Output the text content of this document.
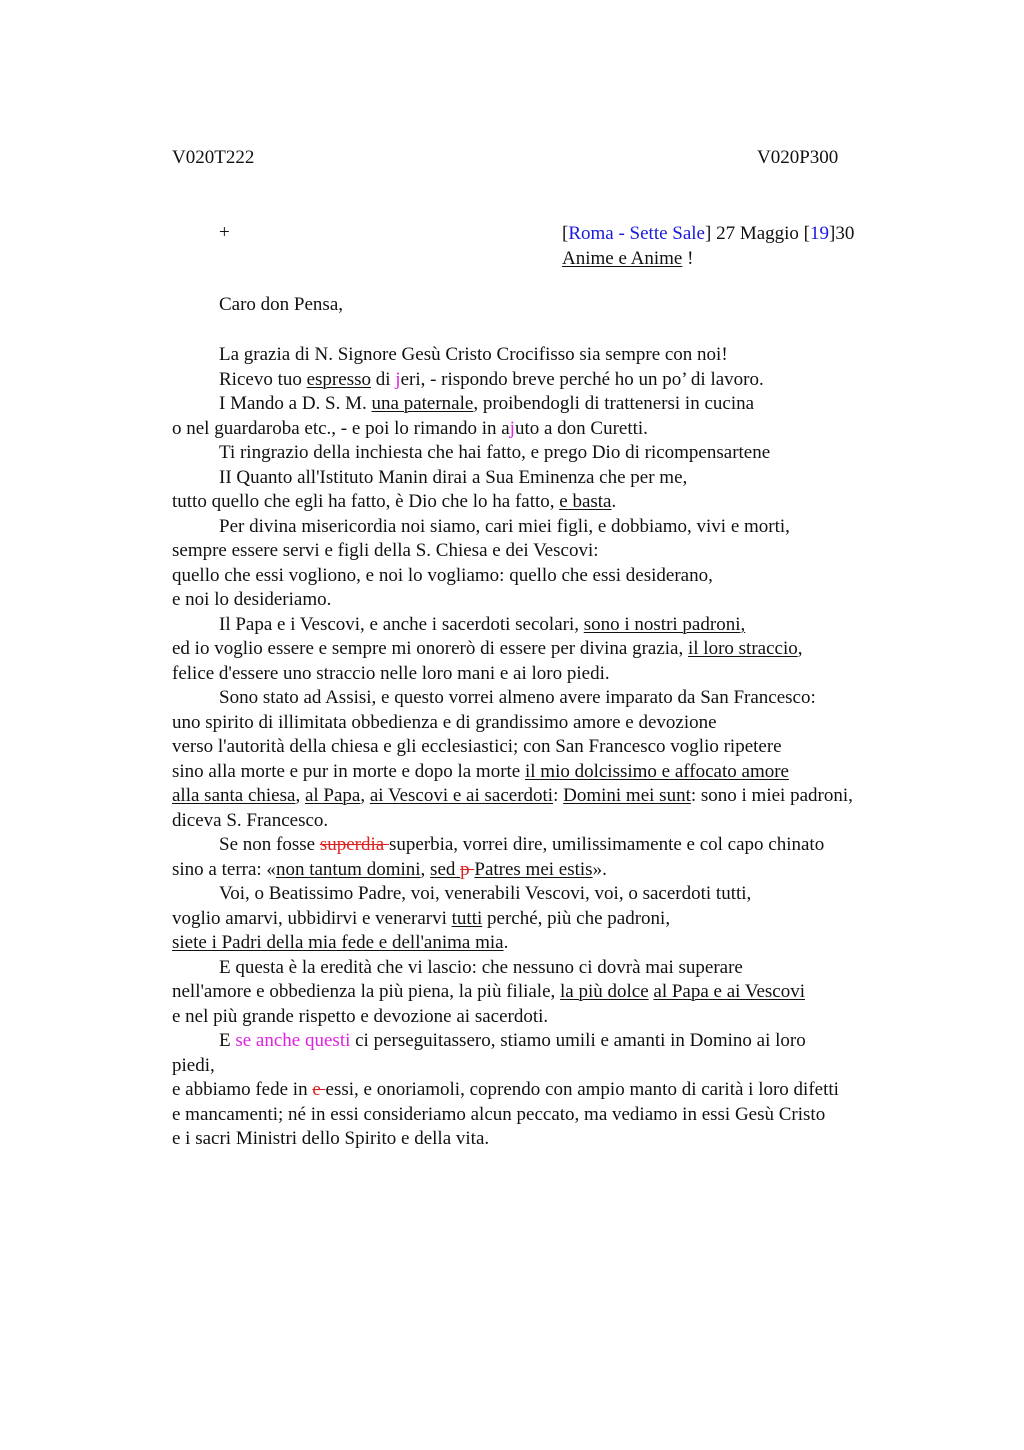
V020T222	V020P300
+	[Roma - Sette Sale] 27 Maggio [19]30
Anime e Anime !
Caro don Pensa,
La grazia di N. Signore Gesù Cristo Crocifisso sia sempre con noi!
Ricevo tuo espresso di jeri, - rispondo breve perché ho un po’ di lavoro.
I Mando a D. S. M. una paternale, proibendogli di trattenersi in cucina
o nel guardaroba etc., - e poi lo rimando in ajuto a don Curetti.
Ti ringrazio della inchiesta che hai fatto, e prego Dio di ricompensartene
II Quanto all'Istituto Manin dirai a Sua Eminenza che per me,
tutto quello che egli ha fatto, è Dio che lo ha fatto, e basta.
Per divina misericordia noi siamo, cari miei figli, e dobbiamo, vivi e morti,
sempre essere servi e figli della S. Chiesa e dei Vescovi:
quello che essi vogliono, e noi lo vogliamo: quello che essi desiderano,
e noi lo desideriamo.
Il Papa e i Vescovi, e anche i sacerdoti secolari, sono i nostri padroni,
ed io voglio essere e sempre mi onorerò di essere per divina grazia, il loro straccio,
felice d'essere uno straccio nelle loro mani e ai loro piedi.
Sono stato ad Assisi, e questo vorrei almeno avere imparato da San Francesco:
uno spirito di illimitata obbedienza e di grandissimo amore e devozione
verso l'autorità della chiesa e gli ecclesiastici; con San Francesco voglio ripetere
sino alla morte e pur in morte e dopo la morte il mio dolcissimo e affocato amore
alla santa chiesa, al Papa, ai Vescovi e ai sacerdoti: Domini mei sunt: sono i miei padroni,
diceva S. Francesco.
Se non fosse superdia superbia, vorrei dire, umilissimamente e col capo chinato
sino a terra: «non tantum domini, sed p Patres mei estis».
Voi, o Beatissimo Padre, voi, venerabili Vescovi, voi, o sacerdoti tutti,
voglio amarvi, ubbidirvi e venerarvi tutti perché, più che padroni,
siete i Padri della mia fede e dell'anima mia.
E questa è la eredità che vi lascio: che nessuno ci dovrà mai superare
nell'amore e obbedienza la più piena, la più filiale, la più dolce al Papa e ai Vescovi
e nel più grande rispetto e devozione ai sacerdoti.
E se anche questi ci perseguitassero, stiamo umili e amanti in Domino ai loro
piedi,
e abbiamo fede in e essi, e onoriamoli, coprendo con ampio manto di carità i loro difetti
e mancamenti; né in essi consideriamo alcun peccato, ma vediamo in essi Gesù Cristo
e i sacri Ministri dello Spirito e della vita.
